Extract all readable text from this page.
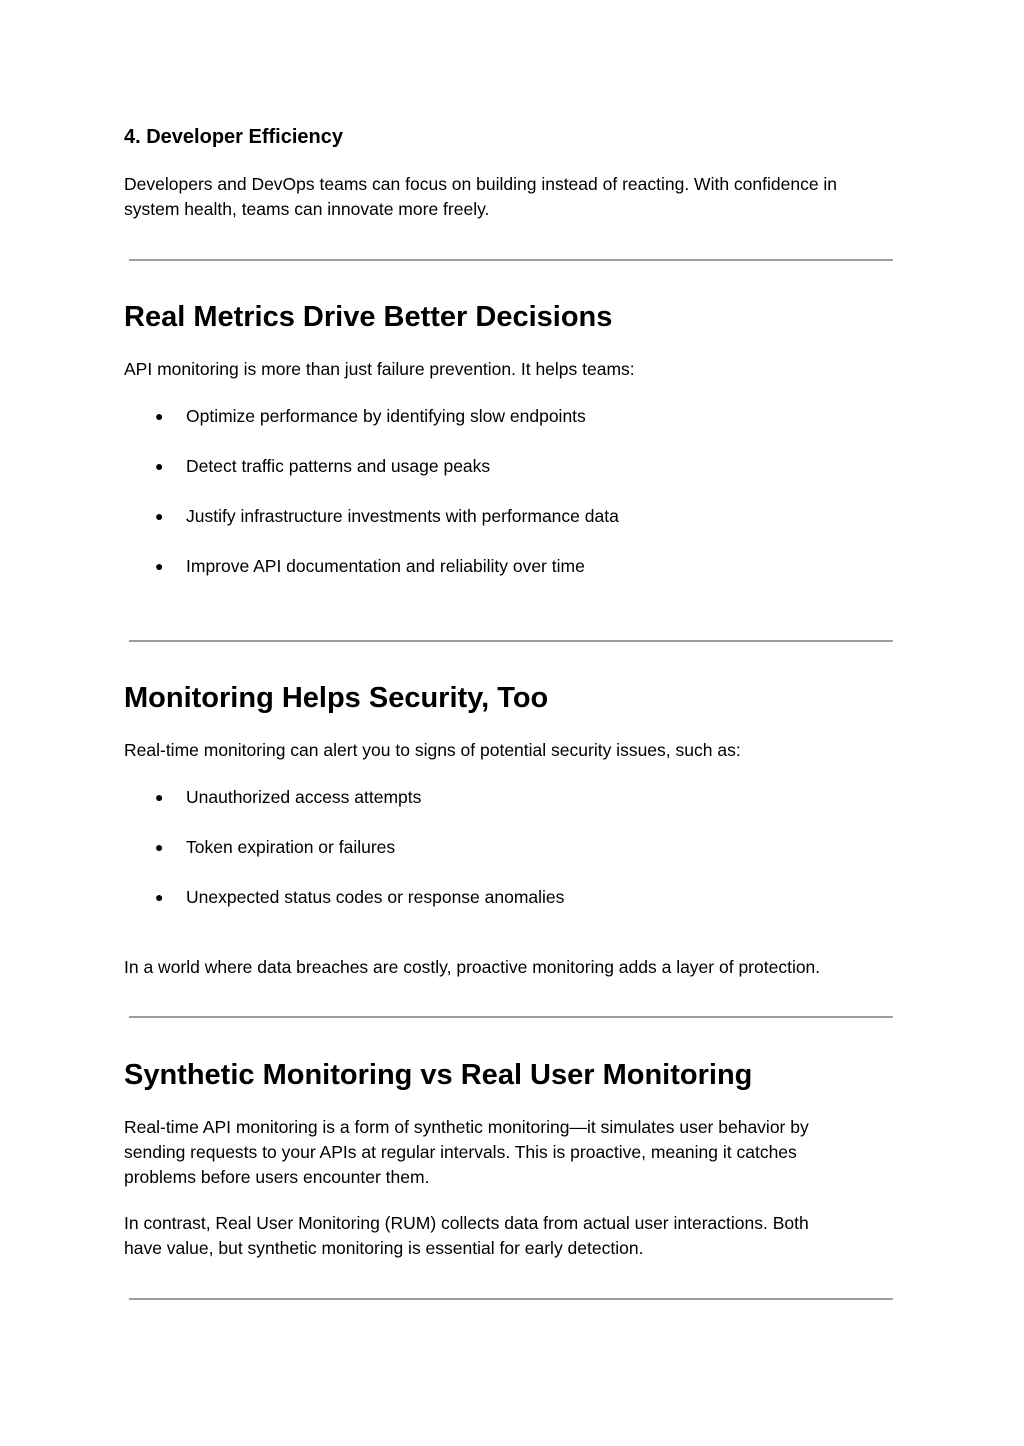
4. Developer Efficiency
Developers and DevOps teams can focus on building instead of reacting. With confidence in
system health, teams can innovate more freely.
Real Metrics Drive Better Decisions
API monitoring is more than just failure prevention. It helps teams:
● Optimize performance by identifying slow endpoints
● Detect traffic patterns and usage peaks
● Justify infrastructure investments with performance data
● Improve API documentation and reliability over time
Monitoring Helps Security, Too
Real-time monitoring can alert you to signs of potential security issues, such as:
● Unauthorized access attempts
● Token expiration or failures
● Unexpected status codes or response anomalies
In a world where data breaches are costly, proactive monitoring adds a layer of protection.
Synthetic Monitoring vs Real User Monitoring
Real-time API monitoring is a form of synthetic monitoring—it simulates user behavior by
sending requests to your APIs at regular intervals. This is proactive, meaning it catches
problems before users encounter them.
In contrast, Real User Monitoring (RUM) collects data from actual user interactions. Both
have value, but synthetic monitoring is essential for early detection.
